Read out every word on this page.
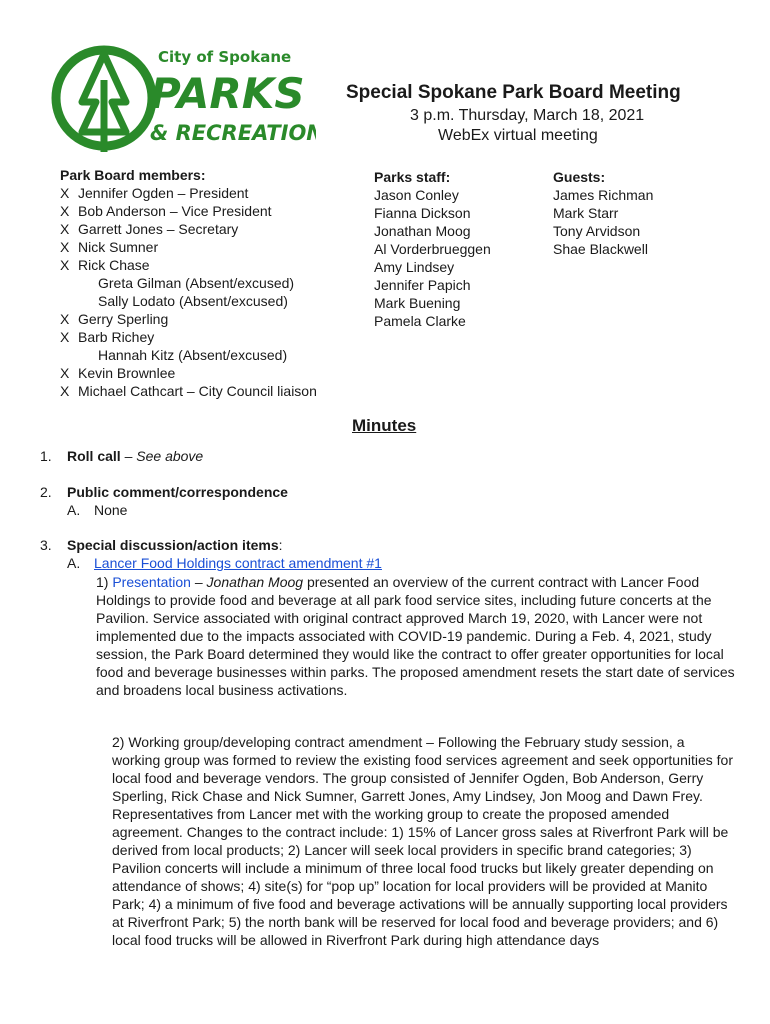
City of Spokane
PARKS
& RECREATION
Special Spokane Park Board Meeting
3 p.m. Thursday, March 18, 2021
WebEx virtual meeting
Park Board members:
X Jennifer Ogden – President
X Bob Anderson – Vice President
X Garrett Jones – Secretary
X Nick Sumner
X Rick Chase
Greta Gilman (Absent/excused)
Sally Lodato (Absent/excused)
X Gerry Sperling
X Barb Richey
Hannah Kitz (Absent/excused)
X Kevin Brownlee
X Michael Cathcart – City Council liaison
Parks staff:
Jason Conley
Fianna Dickson
Jonathan Moog
Al Vorderbrueggen
Amy Lindsey
Jennifer Papich
Mark Buening
Pamela Clarke
Guests:
James Richman
Mark Starr
Tony Arvidson
Shae Blackwell
Minutes
1. Roll call – See above
2. Public comment/correspondence
A. None
3. Special discussion/action items:
A. Lancer Food Holdings contract amendment #1
1) Presentation – Jonathan Moog presented an overview of the current contract with Lancer Food Holdings to provide food and beverage at all park food service sites, including future concerts at the Pavilion. Service associated with original contract approved March 19, 2020, with Lancer were not implemented due to the impacts associated with COVID-19 pandemic. During a Feb. 4, 2021, study session, the Park Board determined they would like the contract to offer greater opportunities for local food and beverage businesses within parks. The proposed amendment resets the start date of services and broadens local business activations.
2) Working group/developing contract amendment – Following the February study session, a working group was formed to review the existing food services agreement and seek opportunities for local food and beverage vendors. The group consisted of Jennifer Ogden, Bob Anderson, Gerry Sperling, Rick Chase and Nick Sumner, Garrett Jones, Amy Lindsey, Jon Moog and Dawn Frey. Representatives from Lancer met with the working group to create the proposed amended agreement. Changes to the contract include: 1) 15% of Lancer gross sales at Riverfront Park will be derived from local products; 2) Lancer will seek local providers in specific brand categories; 3) Pavilion concerts will include a minimum of three local food trucks but likely greater depending on attendance of shows; 4) site(s) for “pop up” location for local providers will be provided at Manito Park; 4) a minimum of five food and beverage activations will be annually supporting local providers at Riverfront Park; 5) the north bank will be reserved for local food and beverage providers; and 6) local food trucks will be allowed in Riverfront Park during high attendance days
